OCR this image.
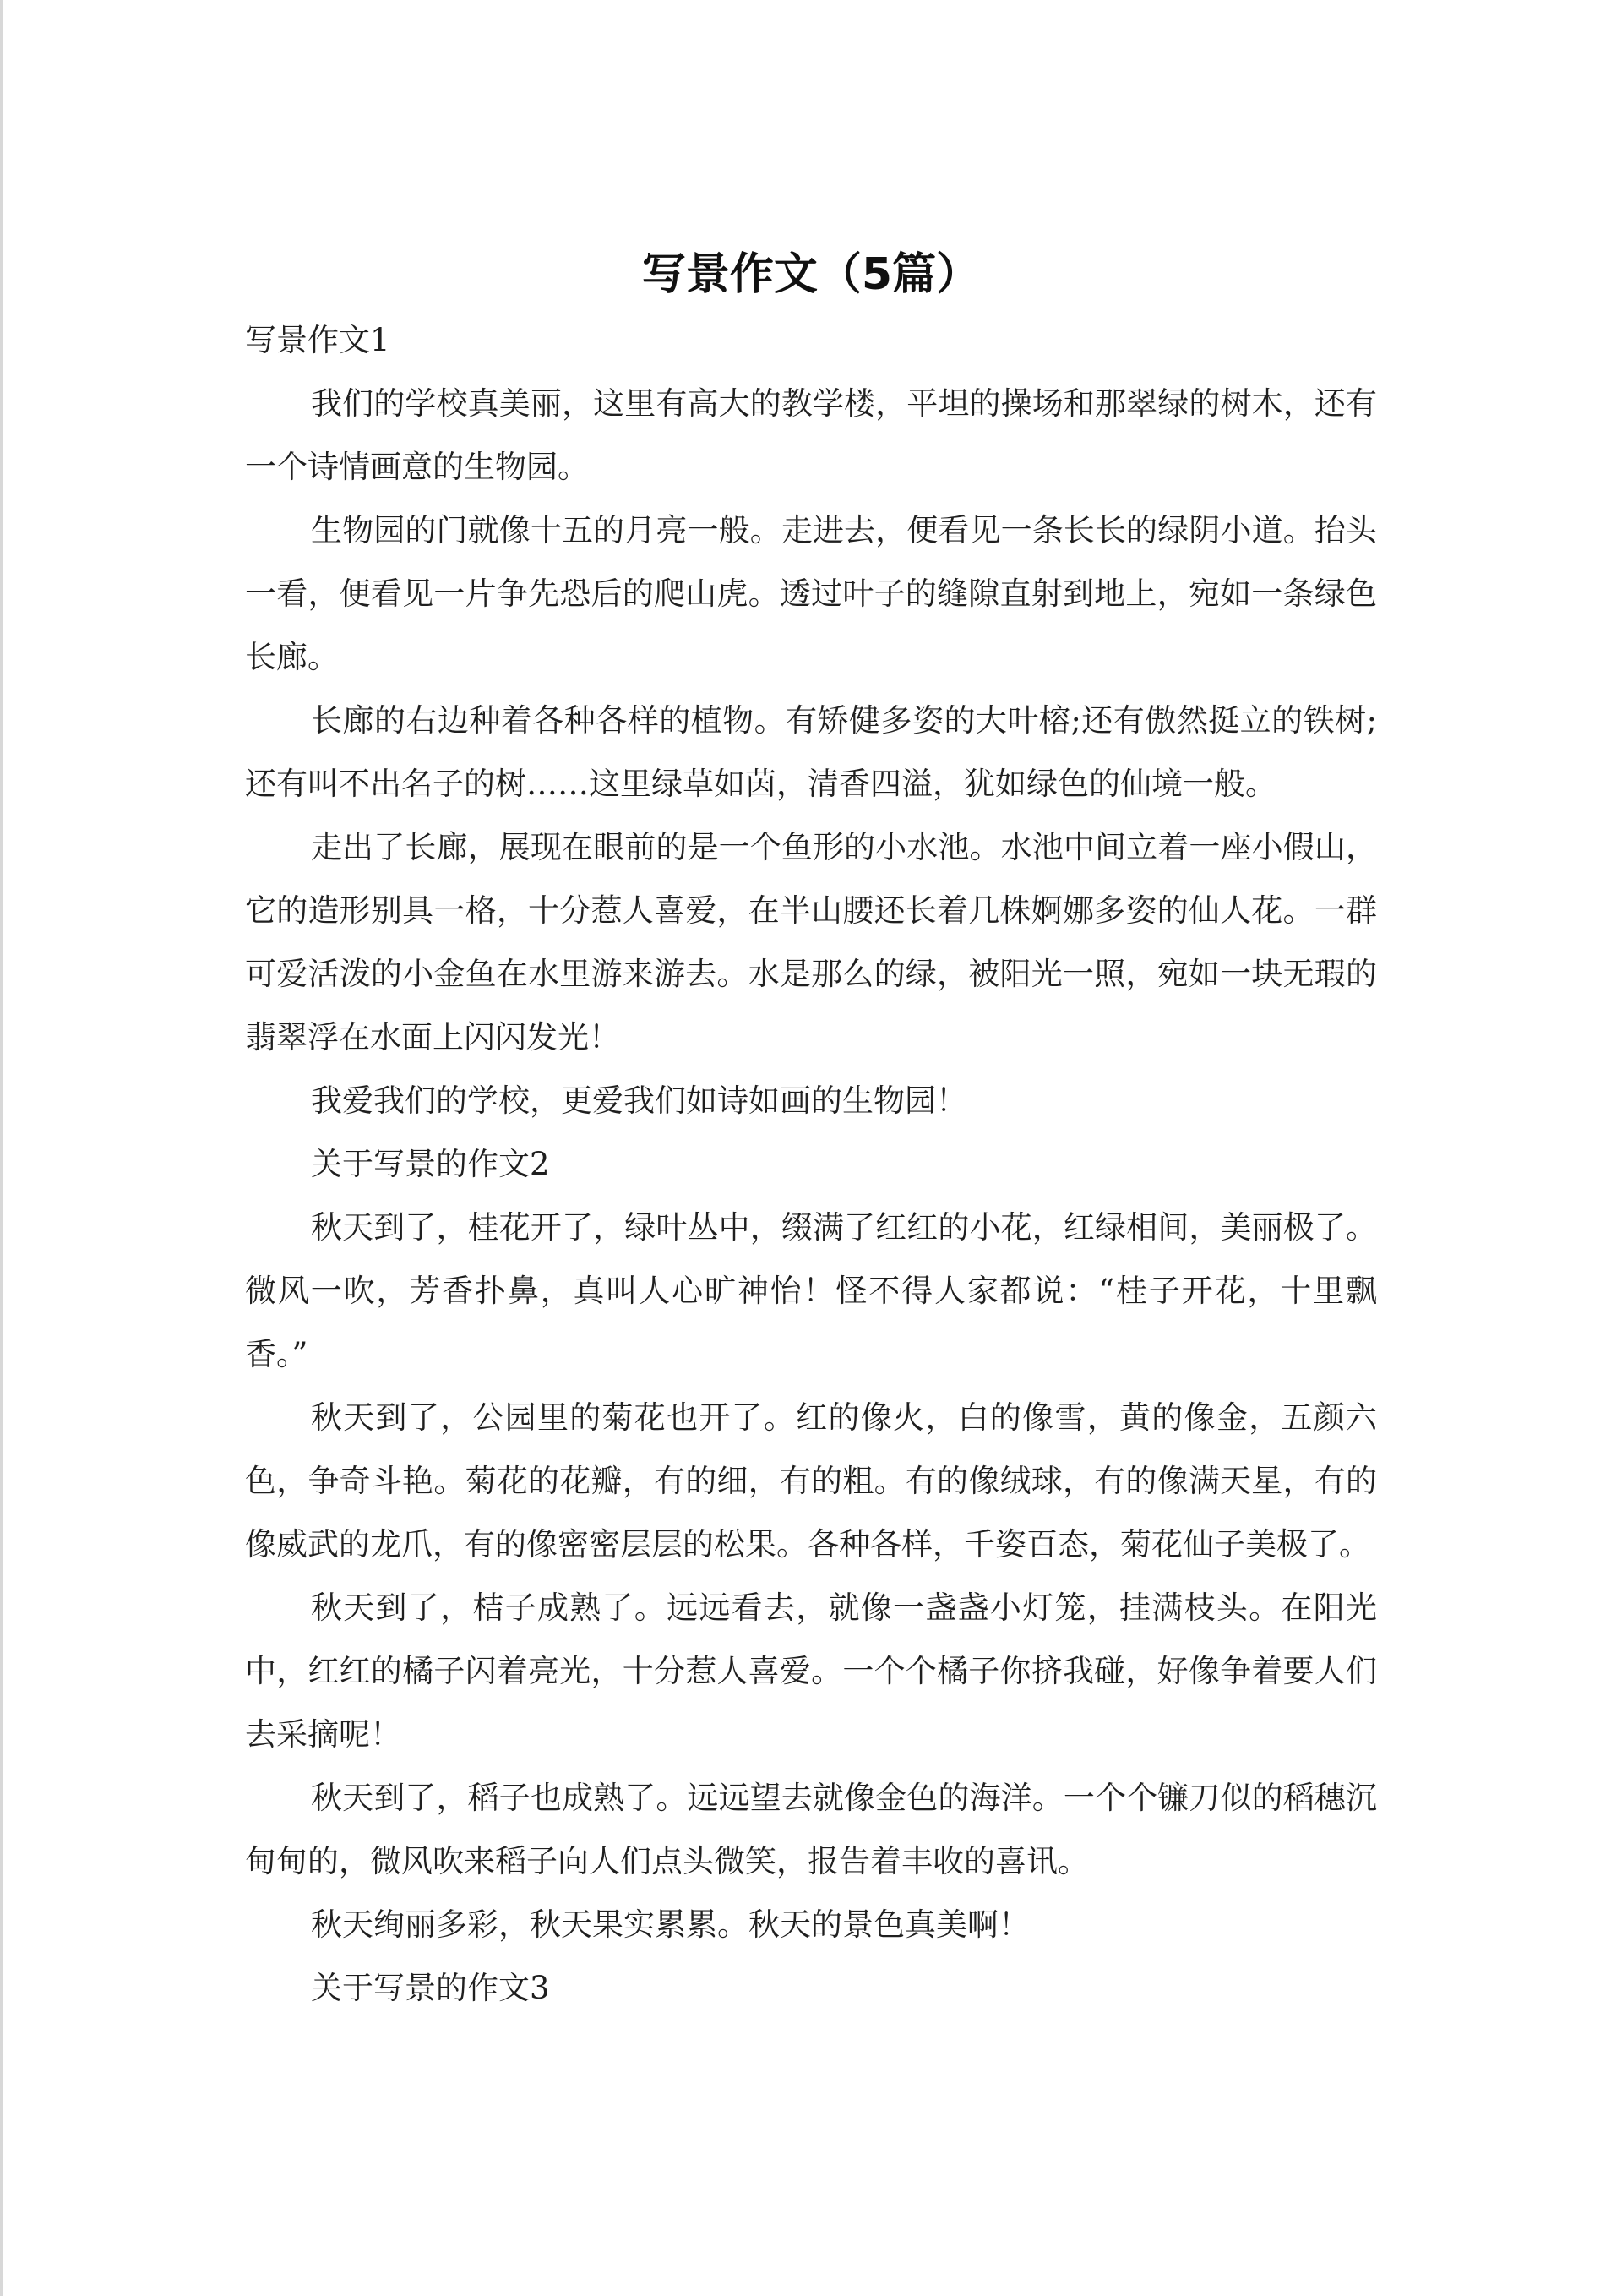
写景作文（5篇）

写景作文1

我们的学校真美丽，这里有高大的教学楼，平坦的操场和那翠绿的树木，还有一个诗情画意的生物园。

生物园的门就像十五的月亮一般。走进去，便看见一条长长的绿阴小道。抬头一看，便看见一片争先恐后的爬山虎。透过叶子的缝隙直射到地上，宛如一条绿色长廊。

长廊的右边种着各种各样的植物。有矫健多姿的大叶榕;还有傲然挺立的铁树;还有叫不出名子的树……这里绿草如茵，清香四溢，犹如绿色的仙境一般。

走出了长廊，展现在眼前的是一个鱼形的小水池。水池中间立着一座小假山，它的造形别具一格，十分惹人喜爱，在半山腰还长着几株婀娜多姿的仙人花。一群可爱活泼的小金鱼在水里游来游去。水是那么的绿，被阳光一照，宛如一块无瑕的翡翠浮在水面上闪闪发光！

我爱我们的学校，更爱我们如诗如画的生物园！

关于写景的作文2

秋天到了，桂花开了，绿叶丛中，缀满了红红的小花，红绿相间，美丽极了。微风一吹，芳香扑鼻，真叫人心旷神怡！怪不得人家都说：“桂子开花，十里飘香。”

秋天到了，公园里的菊花也开了。红的像火，白的像雪，黄的像金，五颜六色，争奇斗艳。菊花的花瓣，有的细，有的粗。有的像绒球，有的像满天星，有的像威武的龙爪，有的像密密层层的松果。各种各样，千姿百态，菊花仙子美极了。

秋天到了，桔子成熟了。远远看去，就像一盏盏小灯笼，挂满枝头。在阳光中，红红的橘子闪着亮光，十分惹人喜爱。一个个橘子你挤我碰，好像争着要人们去采摘呢！

秋天到了，稻子也成熟了。远远望去就像金色的海洋。一个个镰刀似的稻穗沉甸甸的，微风吹来稻子向人们点头微笑，报告着丰收的喜讯。

秋天绚丽多彩，秋天果实累累。秋天的景色真美啊！

关于写景的作文3
